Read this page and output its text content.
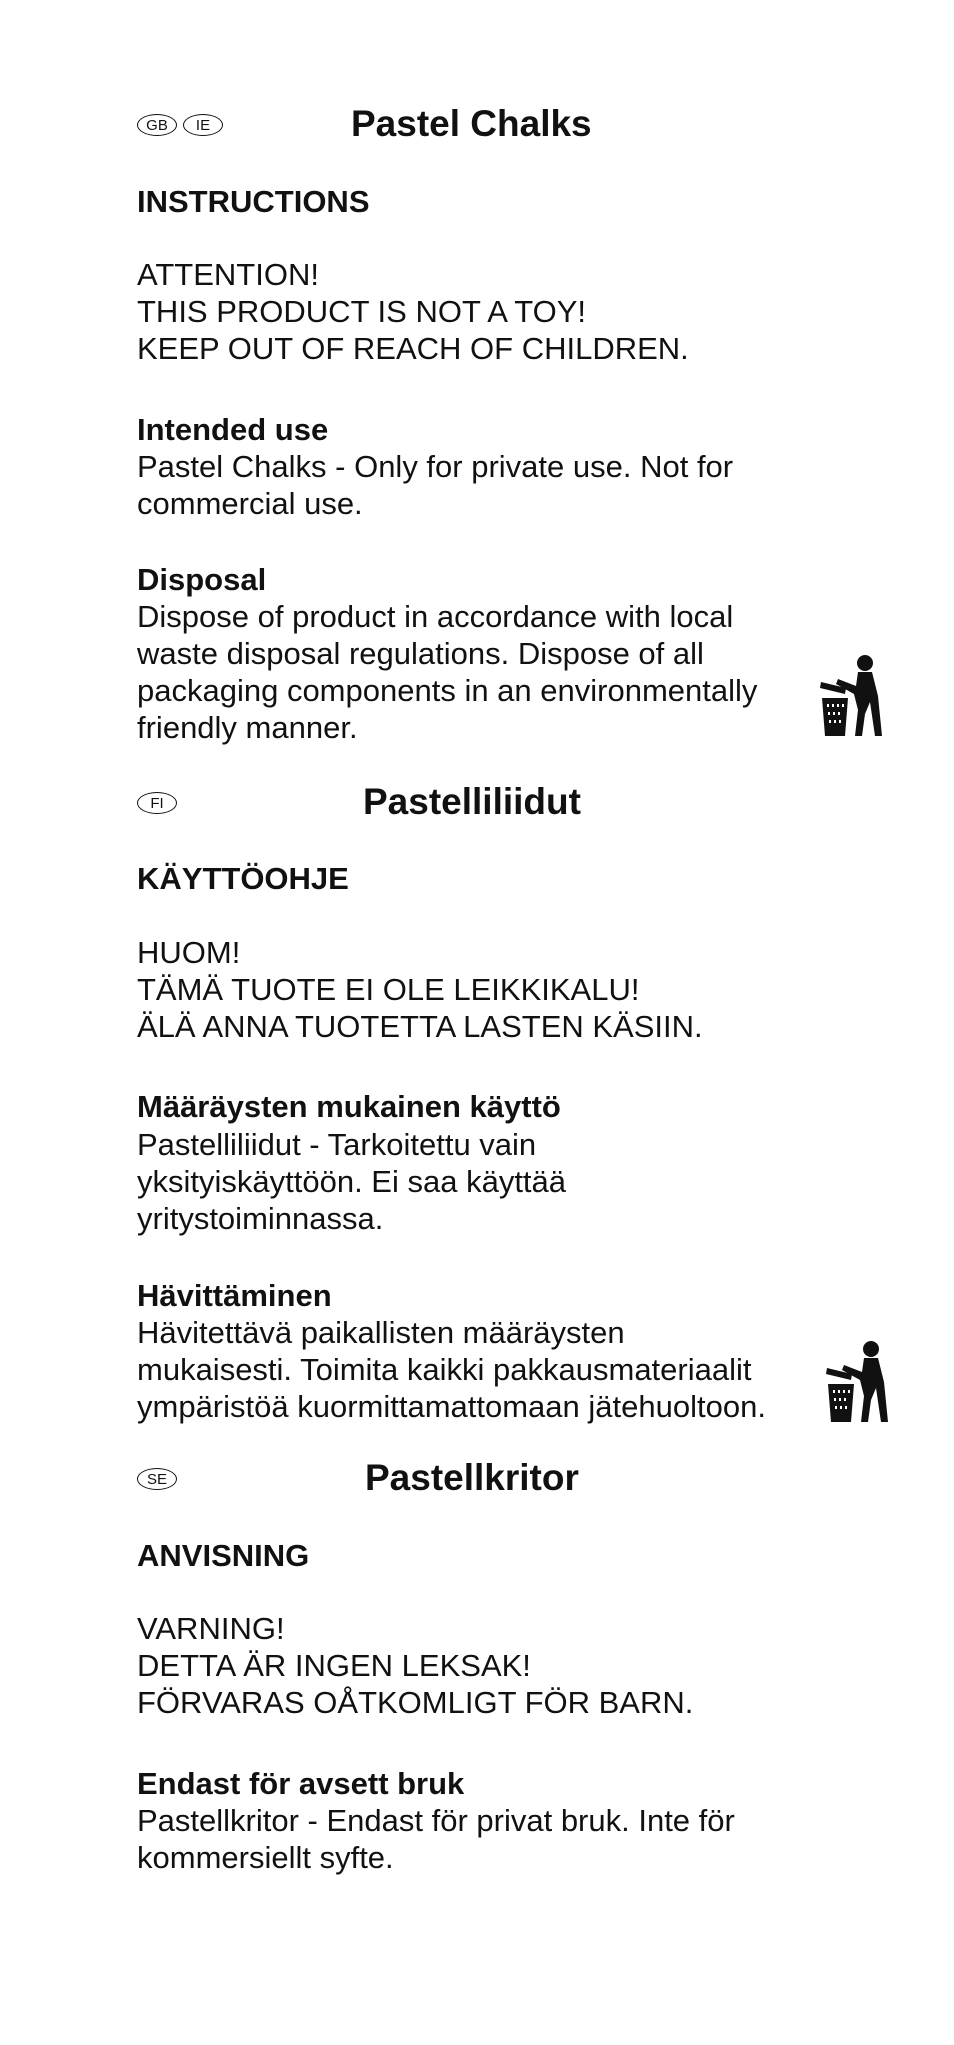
GB	IE	Pastel Chalks
INSTRUCTIONS
ATTENTION!
THIS PRODUCT IS NOT A TOY!
KEEP OUT OF REACH OF CHILDREN.
Intended use
Pastel Chalks - Only for private use. Not for
commercial use.
Disposal
Dispose of product in accordance with local
waste disposal regulations. Dispose of all
packaging components in an environmentally
friendly manner.
FI	Pastelliliidut
KÄYTTÖOHJE
HUOM!
TÄMÄ TUOTE EI OLE LEIKKIKALU!
ÄLÄ ANNA TUOTETTA LASTEN KÄSIIN.
Määräysten mukainen käyttö
Pastelliliidut - Tarkoitettu vain
yksityiskäyttöön. Ei saa käyttää
yritystoiminnassa.
Hävittäminen
Hävitettävä paikallisten määräysten
mukaisesti. Toimita kaikki pakkausmateriaalit
ympäristöä kuormittamattomaan jätehuoltoon.
SE	Pastellkritor
ANVISNING
VARNING!
DETTA ÄR INGEN LEKSAK!
FÖRVARAS OÅTKOMLIGT FÖR BARN.
Endast för avsett bruk
Pastellkritor - Endast för privat bruk. Inte för
kommersiellt syfte.
